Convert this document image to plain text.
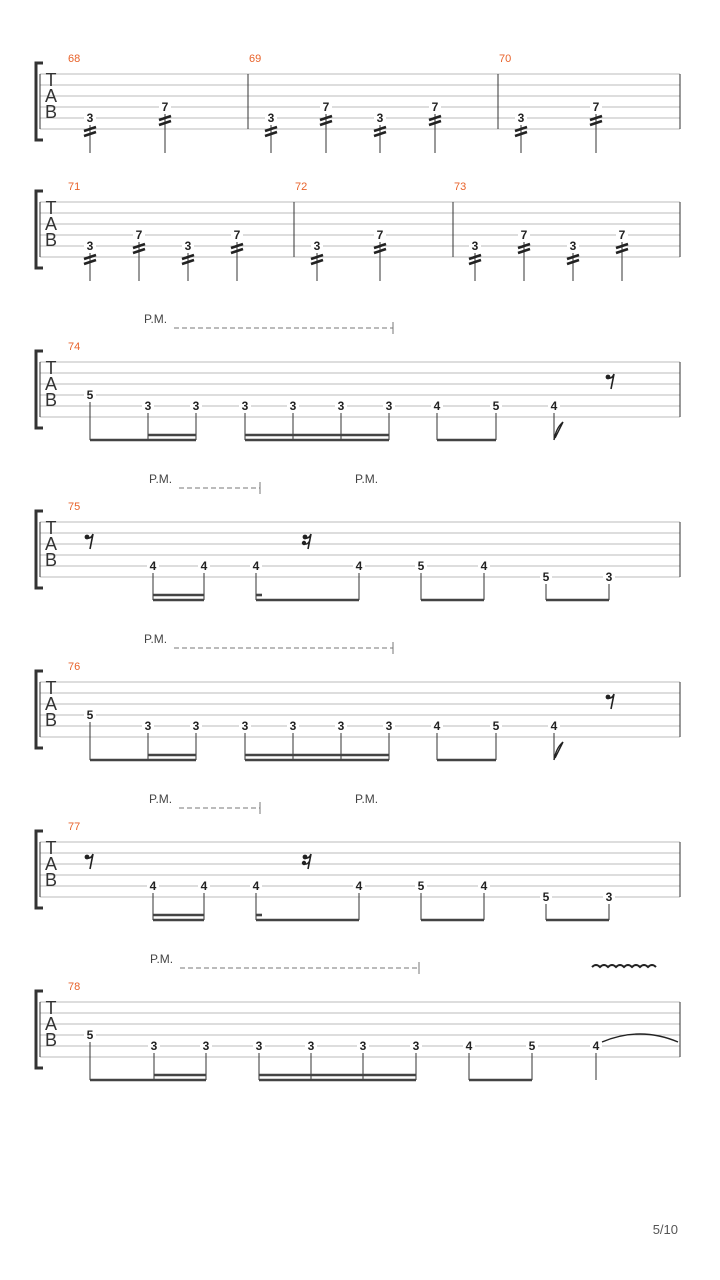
T
A
B
68
3
7
69
3
7
3
7
70
3
7
T
A
B
71
3
7
3
7
72
3
7
73
3
7
3
7
T
A
B
P.M.
74
5
3	3	3	3	3	3	4	5	4
T
A
B
P.M.	P.M.
75
4	4	4	4	5	4
5	3
T
A
B
P.M.
76
5
3	3	3	3	3	3	4	5	4
T
A
B
P.M.	P.M.
77
4	4	4	4	5	4
5	3
T
A
B
P.M.
78
5
3	3	3	3	3	3	4	5	4
5/10
